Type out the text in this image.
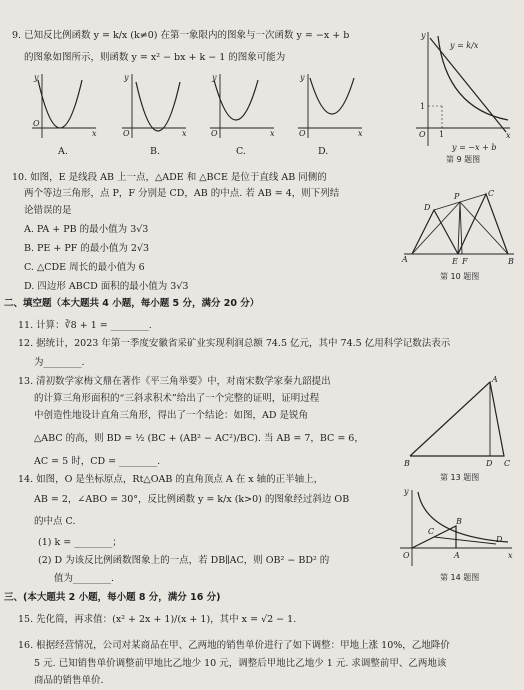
9. 已知反比例函数 y = k/x (k≠0) 在第一象限内的图象与一次函数 y = −x + b
的图象如图所示，则函数 y = x² − bx + k − 1 的图象可能为
O
x
y
A.
O	x
y
B.
O	x
y
C.
O	x
y
D.
y
x
O 1
1
y = k/x
y = −x + b
第 9 题图
10. 如图，E 是线段 AB 上一点，△ADE 和 △BCE 是位于直线 AB 同侧的
两个等边三角形，点 P，F 分别是 CD，AB 的中点. 若 AB = 4，则下列结
论错误的是
A. PA + PB 的最小值为 3√3
B. PE + PF 的最小值为 2√3
C. △CDE 周长的最小值为 6
D. 四边形 ABCD 面积的最小值为 3√3
A
D
P	C
E F	B
第 10 题图
二、填空题（本大题共 4 小题，每小题 5 分，满分 20 分）
11. 计算：∛8 + 1 = ________.
12. 据统计，2023 年第一季度安徽省采矿业实现利润总额 74.5 亿元，其中 74.5 亿用科学记数法表示
为________.
13. 清初数学家梅文鼎在著作《平三角举要》中，对南宋数学家秦九韶提出
的计算三角形面积的“三斜求积术”给出了一个完整的证明，证明过程
中创造性地设计直角三角形，得出了一个结论：如图，AD 是锐角
△ABC 的高，则 BD = ½ (BC + (AB² − AC²)/BC). 当 AB = 7，BC = 6，
AC = 5 时，CD = ________.
A
B	D C
第 13 题图
14. 如图，O 是坐标原点，Rt△OAB 的直角顶点 A 在 x 轴的正半轴上，
AB = 2，∠ABO = 30°，反比例函数 y = k/x (k>0) 的图象经过斜边 OB
的中点 C.
(1) k = ________；
(2) D 为该反比例函数图象上的一点，若 DB∥AC，则 OB² − BD² 的
值为________.
y
x
O	A
B
C
D
第 14 题图
三、(本大题共 2 小题，每小题 8 分，满分 16 分)
15. 先化简，再求值：(x² + 2x + 1)/(x + 1)，其中 x = √2 − 1.
16. 根据经营情况，公司对某商品在甲、乙两地的销售单价进行了如下调整：甲地上涨 10%，乙地降价
5 元. 已知销售单价调整前甲地比乙地少 10 元，调整后甲地比乙地少 1 元. 求调整前甲、乙两地该
商品的销售单价.
